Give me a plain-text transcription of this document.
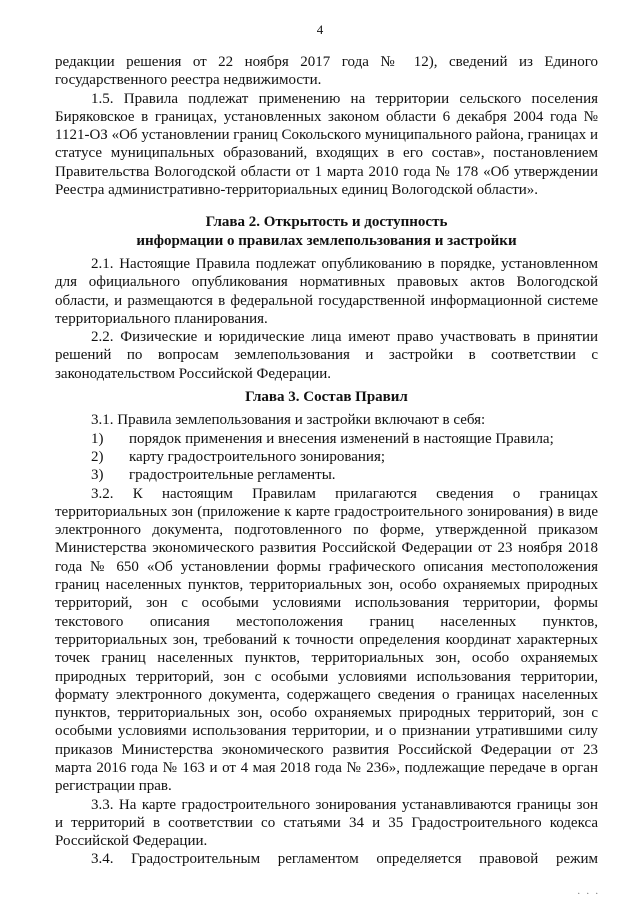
4

редакции решения от 22 ноября 2017 года № 12), сведений из Единого

государственного реестра недвижимости.

1.5. Правила подлежат применению на территории сельского поселения Биряковское в границах, установленных законом области 6 декабря 2004 года № 1121-ОЗ «Об установлении границ Сокольского муниципального района, границах и статусе муниципальных образований, входящих в его состав», постановлением Правительства Вологодской области от 1 марта 2010 года № 178 «Об утверждении Реестра административно-территориальных единиц Вологодской области».

Глава 2. Открытость и доступность

информации о правилах землепользования и застройки

2.1. Настоящие Правила подлежат опубликованию в порядке, установленном для официального опубликования нормативных правовых актов Вологодской области, и размещаются в федеральной государственной информационной системе территориального планирования.

2.2. Физические и юридические лица имеют право участвовать в принятии решений по вопросам землепользования и застройки в соответствии с законодательством Российской Федерации.

Глава 3. Состав Правил

3.1. Правила землепользования и застройки включают в себя:

1) порядок применения и внесения изменений в настоящие Правила;

2) карту градостроительного зонирования;

3) градостроительные регламенты.

3.2. К настоящим Правилам прилагаются сведения о границах территориальных зон (приложение к карте градостроительного зонирования) в виде электронного документа, подготовленного по форме, утвержденной приказом Министерства экономического развития Российской Федерации от 23 ноября 2018 года № 650 «Об установлении формы графического описания местоположения границ населенных пунктов, территориальных зон, особо охраняемых природных территорий, зон с особыми условиями использования территории, формы текстового описания местоположения границ населенных пунктов, территориальных зон, требований к точности определения координат характерных точек границ населенных пунктов, территориальных зон, особо охраняемых природных территорий, зон с особыми условиями использования территории, формату электронного документа, содержащего сведения о границах населенных пунктов, территориальных зон, особо охраняемых природных территорий, зон с особыми условиями использования территории, и о признании утратившими силу приказов Министерства экономического развития Российской Федерации от 23 марта 2016 года № 163 и от 4 мая 2018 года № 236», подлежащие передаче в орган регистрации прав.

3.3. На карте градостроительного зонирования устанавливаются границы зон и территорий в соответствии со статьями 34 и 35 Градостроительного кодекса Российской Федерации.

3.4. Градостроительным регламентом определяется правовой режим

. . .
